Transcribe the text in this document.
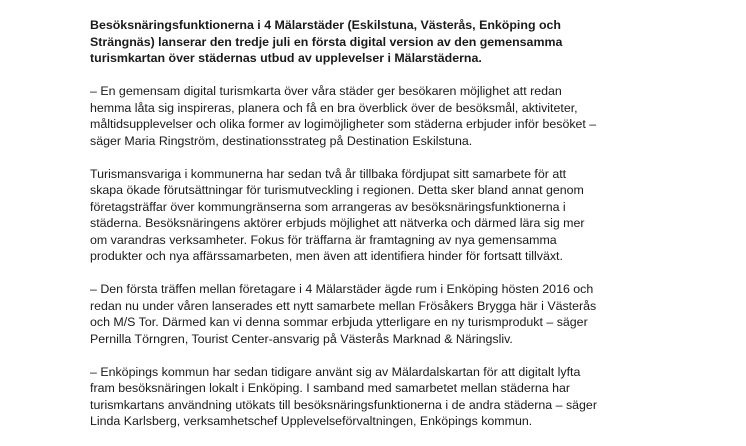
Besöksnäringsfunktionerna i 4 Mälarstäder (Eskilstuna, Västerås, Enköping och
Strängnäs) lanserar den tredje juli en första digital version av den gemensamma
turismkartan över städernas utbud av upplevelser i Mälarstäderna.

– En gemensam digital turismkarta över våra städer ger besökaren möjlighet att redan
hemma låta sig inspireras, planera och få en bra överblick över de besöksmål, aktiviteter,
måltidsupplevelser och olika former av logimöjligheter som städerna erbjuder inför besöket –
säger Maria Ringström, destinationsstrateg på Destination Eskilstuna.

Turismansvariga i kommunerna har sedan två år tillbaka fördjupat sitt samarbete för att
skapa ökade förutsättningar för turismutveckling i regionen. Detta sker bland annat genom
företagsträffar över kommungränserna som arrangeras av besöksnäringsfunktionerna i
städerna. Besöksnäringens aktörer erbjuds möjlighet att nätverka och därmed lära sig mer
om varandras verksamheter. Fokus för träffarna är framtagning av nya gemensamma
produkter och nya affärssamarbeten, men även att identifiera hinder för fortsatt tillväxt.

– Den första träffen mellan företagare i 4 Mälarstäder ägde rum i Enköping hösten 2016 och
redan nu under våren lanserades ett nytt samarbete mellan Frösåkers Brygga här i Västerås
och M/S Tor. Därmed kan vi denna sommar erbjuda ytterligare en ny turismprodukt – säger
Pernilla Törngren, Tourist Center-ansvarig på Västerås Marknad & Näringsliv.

– Enköpings kommun har sedan tidigare använt sig av Mälardalskartan för att digitalt lyfta
fram besöksnäringen lokalt i Enköping. I samband med samarbetet mellan städerna har
turismkartans användning utökats till besöksnäringsfunktionerna i de andra städerna – säger
Linda Karlsberg, verksamhetschef Upplevelseförvaltningen, Enköpings kommun.
